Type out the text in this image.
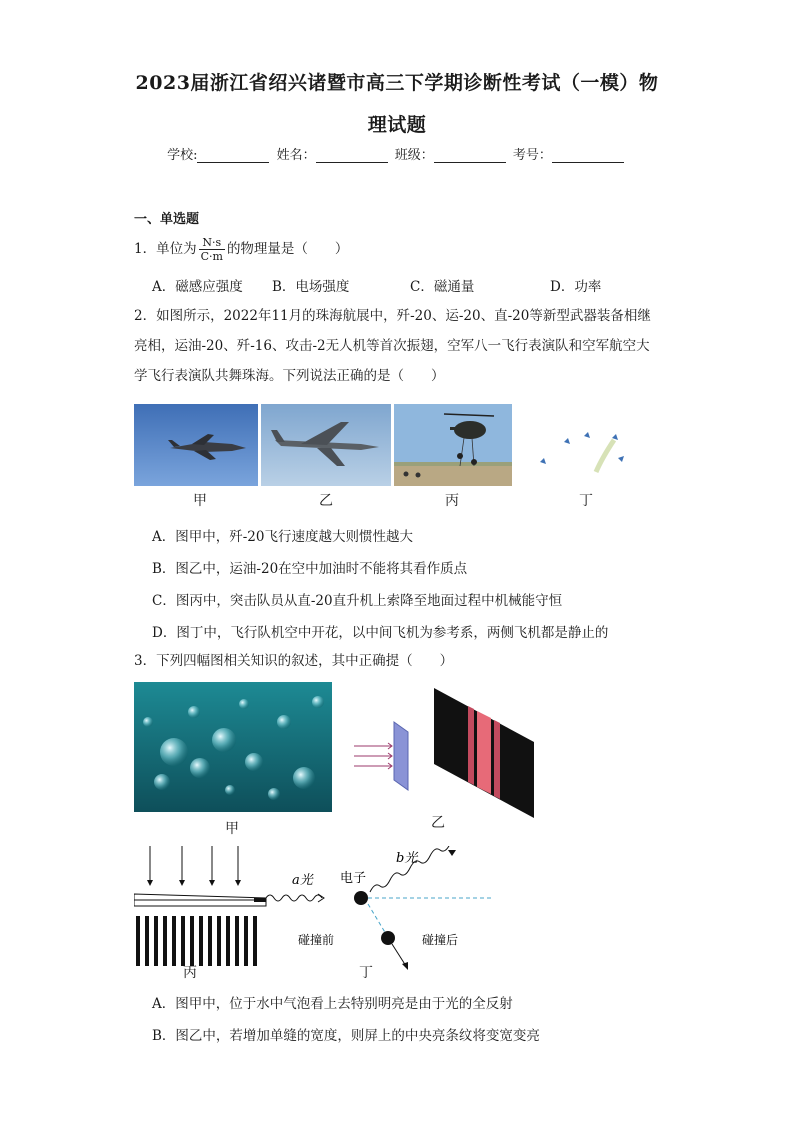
2023届浙江省绍兴诸暨市高三下学期诊断性考试（一模）物
理试题
学校:	姓名：	班级：	考号：
一、单选题
1．单位为 $\frac{N\cdot s}{C\cdot m}$ 的物理量是（　　）
A．磁感应强度 B．电场强度	C．磁通量	D．功率
2．如图所示，2022年11月的珠海航展中，歼-20、运-20、直-20等新型武器装备相继
亮相，运油-20、歼-16、攻击-2无人机等首次振翅，空军八一飞行表演队和空军航空大
学飞行表演队共舞珠海。下列说法正确的是（　　）
甲	乙	丙	丁
A．图甲中，歼-20飞行速度越大则惯性越大
B．图乙中，运油-20在空中加油时不能将其看作质点
C．图丙中，突击队员从直-20直升机上索降至地面过程中机械能守恒
D．图丁中，飞行队机空中开花，以中间飞机为参考系，两侧飞机都是静止的
3．下列四幅图相关知识的叙述，其中正确提（　　）
甲	乙
丙
a光 电子
b光
碰撞前	碰撞后
丁
A．图甲中，位于水中气泡看上去特别明亮是由于光的全反射
B．图乙中，若增加单缝的宽度，则屏上的中央亮条纹将变宽变亮
